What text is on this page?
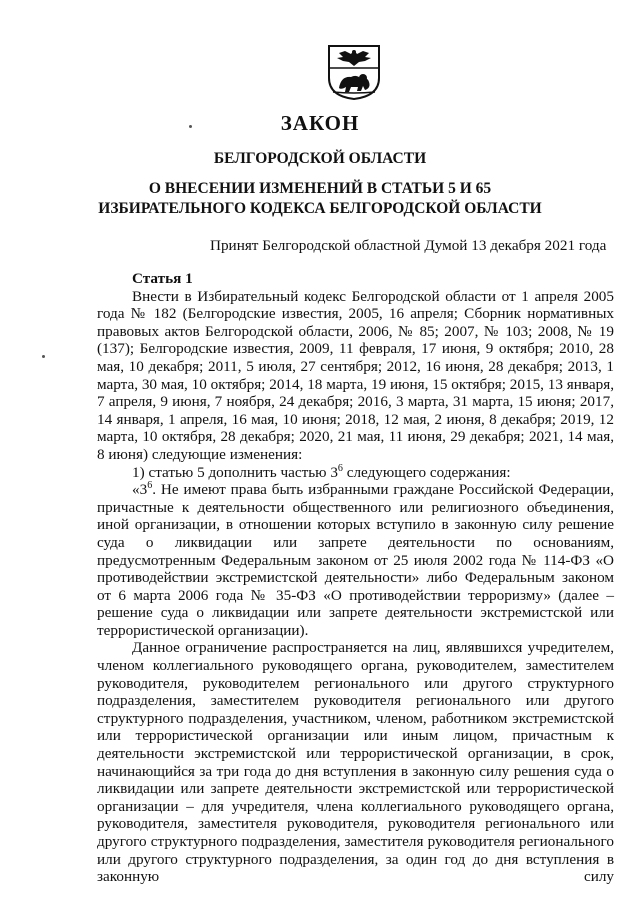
ЗАКОН
БЕЛГОРОДСКОЙ ОБЛАСТИ
О ВНЕСЕНИИ ИЗМЕНЕНИЙ В СТАТЬИ 5 И 65
ИЗБИРАТЕЛЬНОГО КОДЕКСА БЕЛГОРОДСКОЙ ОБЛАСТИ
Принят Белгородской областной Думой 13 декабря 2021 года

Статья 1

Внести в Избирательный кодекс Белгородской области от 1 апреля 2005 года № 182 (Белгородские известия, 2005, 16 апреля; Сборник нормативных правовых актов Белгородской области, 2006, № 85; 2007, № 103; 2008, № 19 (137); Белгородские известия, 2009, 11 февраля, 17 июня, 9 октября; 2010, 28 мая, 10 декабря; 2011, 5 июля, 27 сентября; 2012, 16 июня, 28 декабря; 2013, 1 марта, 30 мая, 10 октября; 2014, 18 марта, 19 июня, 15 октября; 2015, 13 января, 7 апреля, 9 июня, 7 ноября, 24 декабря; 2016, 3 марта, 31 марта, 15 июня; 2017, 14 января, 1 апреля, 16 мая, 10 июня; 2018, 12 мая, 2 июня, 8 декабря; 2019, 12 марта, 10 октября, 28 декабря; 2020, 21 мая, 11 июня, 29 декабря; 2021, 14 мая, 8 июня) следующие изменения:

1) статью 5 дополнить частью $3^6$ следующего содержания:

«$3^6$. Не имеют права быть избранными граждане Российской Федерации, причастные к деятельности общественного или религиозного объединения, иной организации, в отношении которых вступило в законную силу решение суда о ликвидации или запрете деятельности по основаниям, предусмотренным Федеральным законом от 25 июля 2002 года № 114-ФЗ «О противодействии экстремистской деятельности» либо Федеральным законом от 6 марта 2006 года № 35-ФЗ «О противодействии терроризму» (далее – решение суда о ликвидации или запрете деятельности экстремистской или террористической организации).

Данное ограничение распространяется на лиц, являвшихся учредителем, членом коллегиального руководящего органа, руководителем, заместителем руководителя, руководителем регионального или другого структурного подразделения, заместителем руководителя регионального или другого структурного подразделения, участником, членом, работником экстремистской или террористической организации или иным лицом, причастным к деятельности экстремистской или террористической организации, в срок, начинающийся за три года до дня вступления в законную силу решения суда о ликвидации или запрете деятельности экстремистской или террористической организации – для учредителя, члена коллегиального руководящего органа, руководителя, заместителя руководителя, руководителя регионального или другого структурного подразделения, заместителя руководителя регионального или другого структурного подразделения, за один год до дня вступления в законную силу
